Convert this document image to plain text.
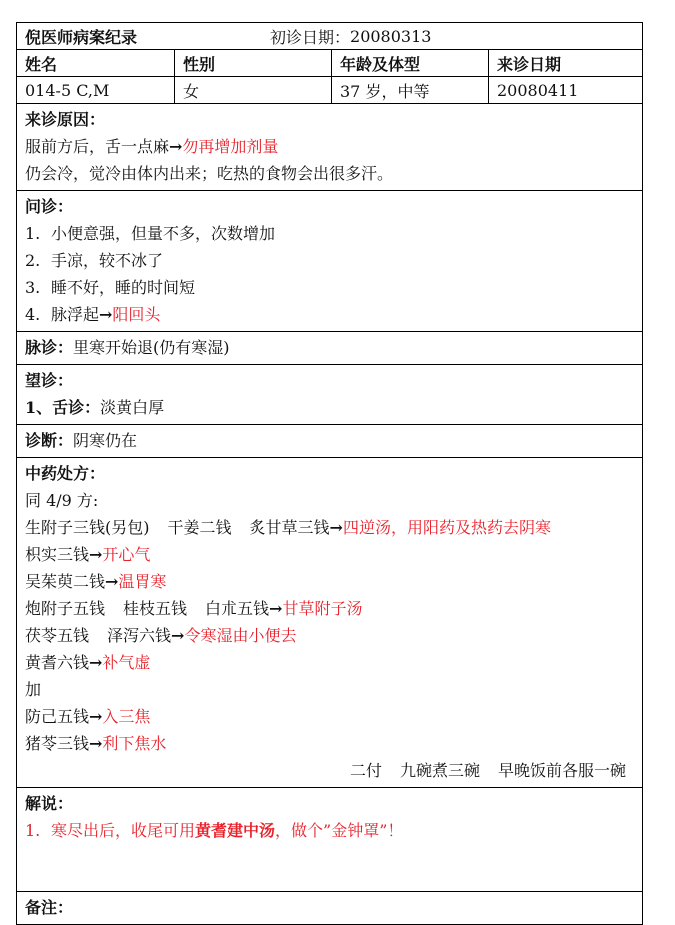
倪医师病案纪录	初诊日期： 20080313
姓名	性别	年龄及体型	来诊日期
014-5 C,M	女	37 岁，中等	20080411
来诊原因：
服前方后，舌一点麻→勿再增加剂量
仍会冷，觉冷由体内出来；吃热的食物会出很多汗。
问诊：
1. 小便意强，但量不多，次数增加
2. 手凉，较不冰了
3. 睡不好，睡的时间短
4. 脉浮起→阳回头
脉诊：里寒开始退(仍有寒湿)
望诊：
1、舌诊：淡黄白厚
诊断：阴寒仍在
中药处方：
同 4/9 方:
生附子三钱(另包) 干姜二钱 炙甘草三钱→四逆汤，用阳药及热药去阴寒
枳实三钱→开心气
吴茱萸二钱→温胃寒
炮附子五钱 桂枝五钱 白朮五钱→甘草附子汤
茯苓五钱 泽泻六钱→令寒湿由小便去
黄耆六钱→补气虚
加
防己五钱→入三焦
猪苓三钱→利下焦水
二付 九碗煮三碗 早晚饭前各服一碗
解说：
1. 寒尽出后，收尾可用黄耆建中汤，做个”金钟罩”！
备注：
